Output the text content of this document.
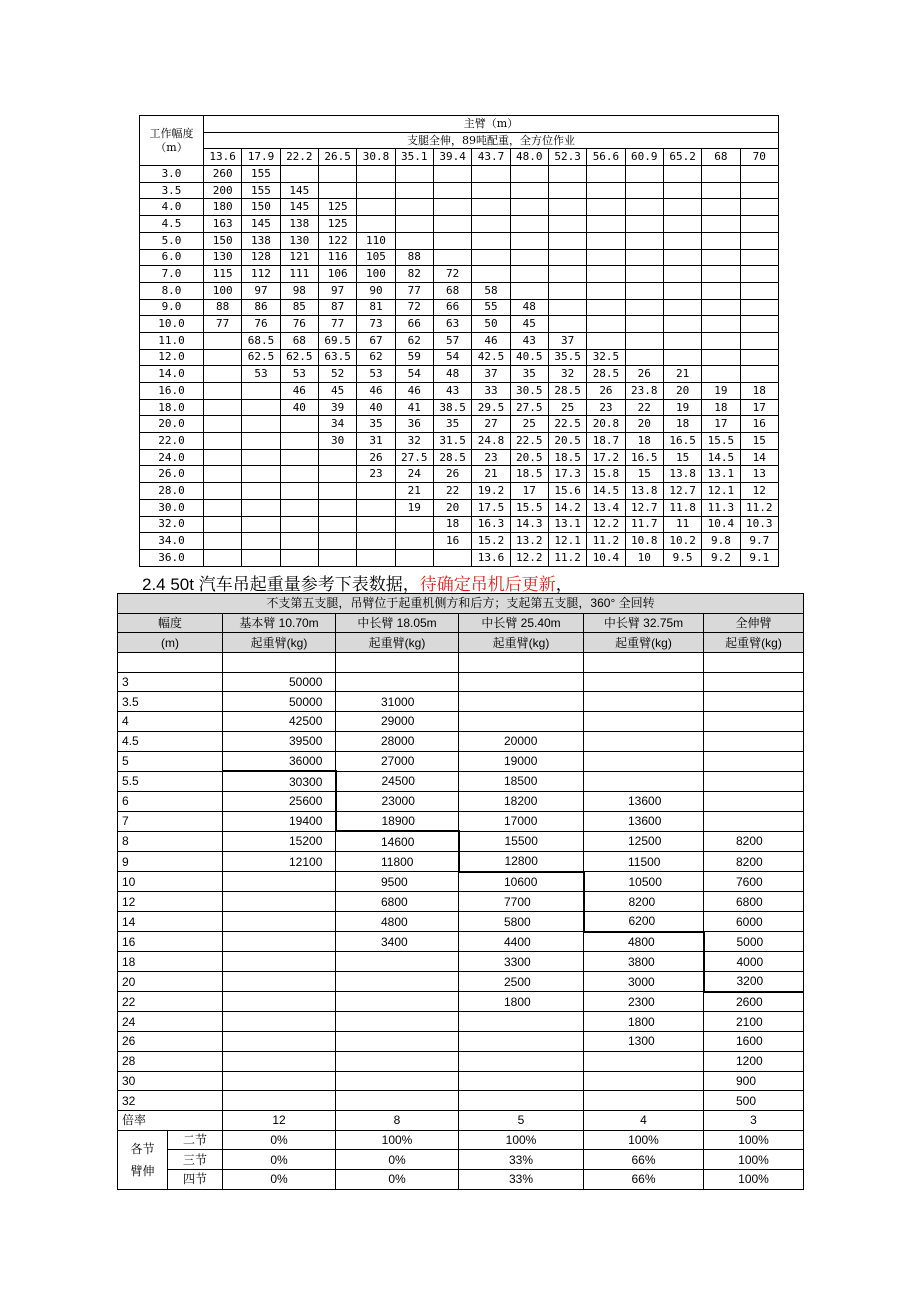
工作幅度（m）	主臂（m）														
	支腿全伸，89吨配重，全方位作业														
	13.6	17.9	22.2	26.5	30.8	35.1	39.4	43.7	48.0	52.3	56.6	60.9	65.2	68	70
3.0	260	155													
3.5	200	155	145												
4.0	180	150	145	125											
4.5	163	145	138	125											
5.0	150	138	130	122	110										
6.0	130	128	121	116	105	88									
7.0	115	112	111	106	100	82	72								
8.0	100	97	98	97	90	77	68	58							
9.0	88	86	85	87	81	72	66	55	48						
10.0	77	76	76	77	73	66	63	50	45						
11.0		68.5	68	69.5	67	62	57	46	43	37					
12.0		62.5	62.5	63.5	62	59	54	42.5	40.5	35.5	32.5				
14.0		53	53	52	53	54	48	37	35	32	28.5	26	21		
16.0			46	45	46	46	43	33	30.5	28.5	26	23.8	20	19	18
18.0			40	39	40	41	38.5	29.5	27.5	25	23	22	19	18	17
20.0				34	35	36	35	27	25	22.5	20.8	20	18	17	16
22.0				30	31	32	31.5	24.8	22.5	20.5	18.7	18	16.5	15.5	15
24.0					26	27.5	28.5	23	20.5	18.5	17.2	16.5	15	14.5	14
26.0					23	24	26	21	18.5	17.3	15.8	15	13.8	13.1	13
28.0						21	22	19.2	17	15.6	14.5	13.8	12.7	12.1	12
30.0						19	20	17.5	15.5	14.2	13.4	12.7	11.8	11.3	11.2
32.0							18	16.3	14.3	13.1	12.2	11.7	11	10.4	10.3
34.0							16	15.2	13.2	12.1	11.2	10.8	10.2	9.8	9.7
36.0								13.6	12.2	11.2	10.4	10	9.5	9.2	9.1
2.4 50t 汽车吊起重量参考下表数据，待确定吊机后更新，
不支第五支腿，吊臂位于起重机侧方和后方；支起第五支腿，360° 全回转						
幅度		基本臂 10.70m	中长臂 18.05m	中长臂 25.40m	中长臂 32.75m	全伸臂
(m)		起重臂(kg)	起重臂(kg)	起重臂(kg)	起重臂(kg)	起重臂(kg)

3		50000				
3.5		50000	31000			
4		42500	29000			
4.5		39500	28000	20000		
5		36000	27000	19000		
5.5		30300	24500	18500		
6		25600	23000	18200	13600	
7		19400	18900	17000	13600	
8		15200	14600	15500	12500	8200
9		12100	11800	12800	11500	8200
10			9500	10600	10500	7600
12			6800	7700	8200	6800
14			4800	5800	6200	6000
16			3400	4400	4800	5000
18				3300	3800	4000
20				2500	3000	3200
22				1800	2300	2600
24					1800	2100
26					1300	1600
28						1200
30						900
32						500
倍率		12	8	5	4	3

各节
臂伸	二节	0%	100%	100%	100%	100%
	三节	0%	0%	33%	66%	100%
	四节	0%	0%	33%	66%	100%
